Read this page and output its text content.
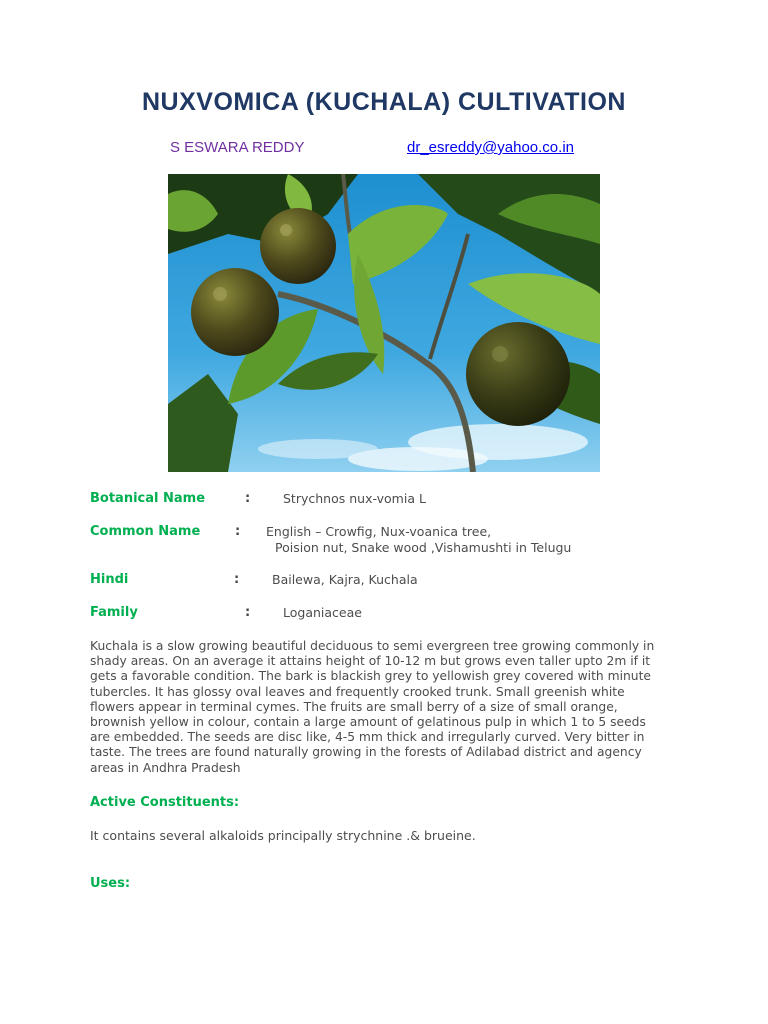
NUXVOMICA (KUCHALA) CULTIVATION
S ESWARA REDDY	dr_esreddy@yahoo.co.in
Botanical Name	:	Strychnos nux-vomia L
Common Name	: English – Crowfig, Nux-voanica tree,
Poision nut, Snake wood ,Vishamushti in Telugu
Hindi	:	Bailewa, Kajra, Kuchala
Family	:	Loganiaceae
Kuchala is a slow growing beautiful deciduous to semi evergreen tree growing commonly in
shady areas. On an average it attains height of 10-12 m but grows even taller upto 2m if it
gets a favorable condition. The bark is blackish grey to yellowish grey covered with minute
tubercles. It has glossy oval leaves and frequently crooked trunk. Small greenish white
flowers appear in terminal cymes. The fruits are small berry of a size of small orange,
brownish yellow in colour, contain a large amount of gelatinous pulp in which 1 to 5 seeds
are embedded. The seeds are disc like, 4-5 mm thick and irregularly curved. Very bitter in
taste. The trees are found naturally growing in the forests of Adilabad district and agency
areas in Andhra Pradesh
Active Constituents:
It contains several alkaloids principally strychnine .& brueine.
Uses:
